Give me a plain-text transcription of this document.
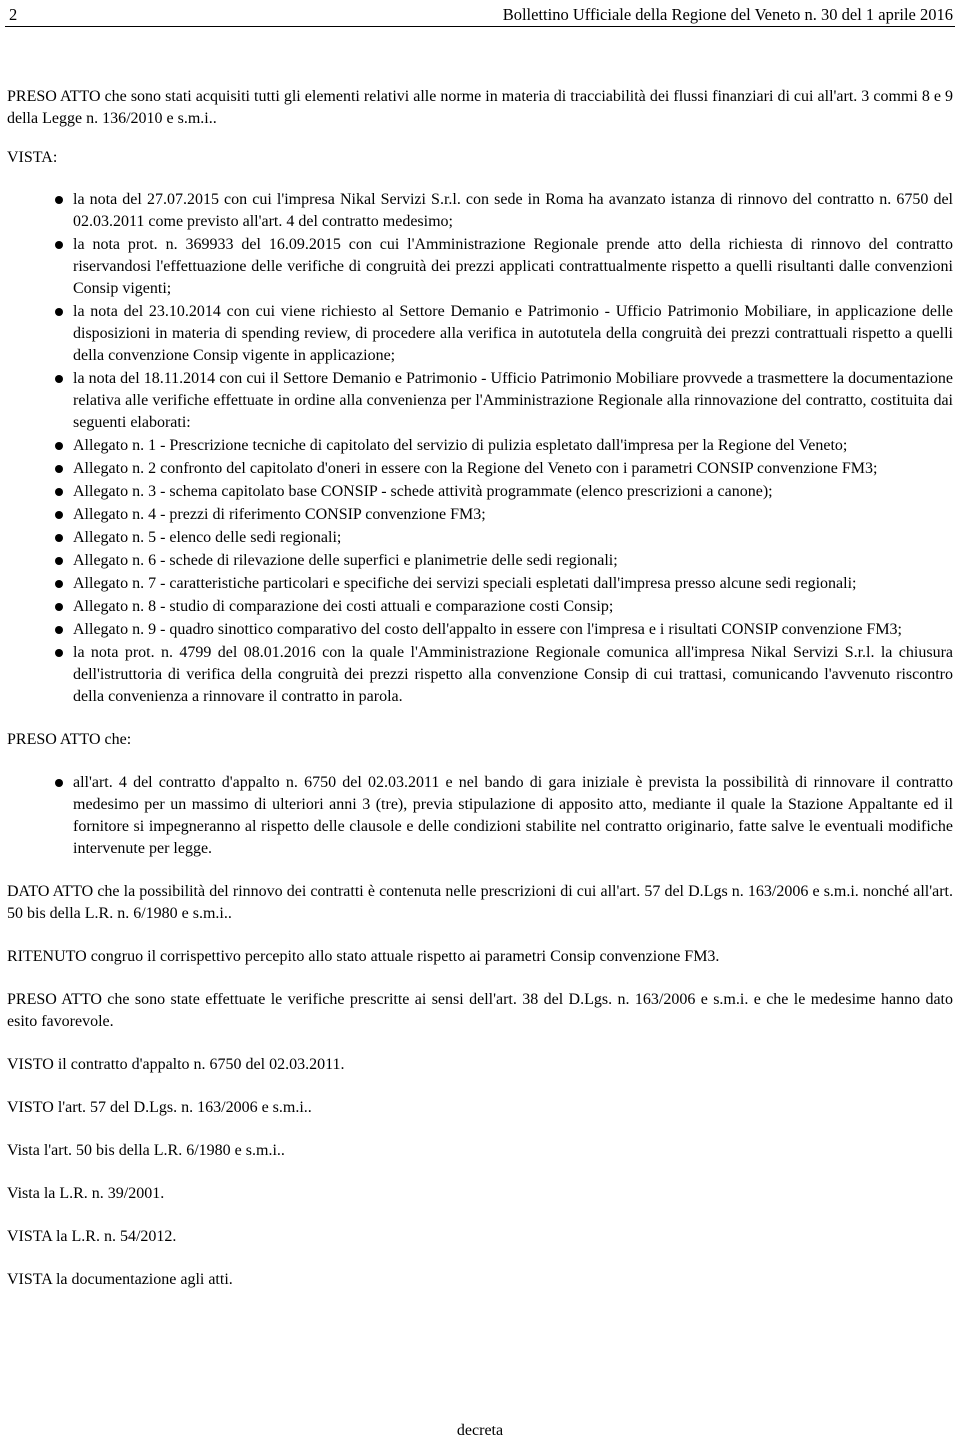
2	Bollettino Ufficiale della Regione del Veneto n. 30 del 1 aprile 2016

PRESO ATTO che sono stati acquisiti tutti gli elementi relativi alle norme in materia di tracciabilità dei flussi finanziari di cui all'art. 3 commi 8 e 9 della Legge n. 136/2010 e s.m.i..

VISTA:

la nota del 27.07.2015 con cui l'impresa Nikal Servizi S.r.l. con sede in Roma ha avanzato istanza di rinnovo del contratto n. 6750 del 02.03.2011 come previsto all'art. 4 del contratto medesimo;
la nota prot. n. 369933 del 16.09.2015 con cui l'Amministrazione Regionale prende atto della richiesta di rinnovo del contratto riservandosi l'effettuazione delle verifiche di congruità dei prezzi applicati contrattualmente rispetto a quelli risultanti dalle convenzioni Consip vigenti;
la nota del 23.10.2014 con cui viene richiesto al Settore Demanio e Patrimonio - Ufficio Patrimonio Mobiliare, in applicazione delle disposizioni in materia di spending review, di procedere alla verifica in autotutela della congruità dei prezzi contrattuali rispetto a quelli della convenzione Consip vigente in applicazione;
la nota del 18.11.2014 con cui il Settore Demanio e Patrimonio - Ufficio Patrimonio Mobiliare provvede a trasmettere la documentazione relativa alle verifiche effettuate in ordine alla convenienza per l'Amministrazione Regionale alla rinnovazione del contratto, costituita dai seguenti elaborati:
Allegato n. 1 - Prescrizione tecniche di capitolato del servizio di pulizia espletato dall'impresa per la Regione del Veneto;
Allegato n. 2 confronto del capitolato d'oneri in essere con la Regione del Veneto con i parametri CONSIP convenzione FM3;
Allegato n. 3 - schema capitolato base CONSIP - schede attività programmate (elenco prescrizioni a canone);
Allegato n. 4 - prezzi di riferimento CONSIP convenzione FM3;
Allegato n. 5 - elenco delle sedi regionali;
Allegato n. 6 - schede di rilevazione delle superfici e planimetrie delle sedi regionali;
Allegato n. 7 - caratteristiche particolari e specifiche dei servizi speciali espletati dall'impresa presso alcune sedi regionali;
Allegato n. 8 - studio di comparazione dei costi attuali e comparazione costi Consip;
Allegato n. 9 - quadro sinottico comparativo del costo dell'appalto in essere con l'impresa e i risultati CONSIP convenzione FM3;
la nota prot. n. 4799 del 08.01.2016 con la quale l'Amministrazione Regionale comunica all'impresa Nikal Servizi S.r.l. la chiusura dell'istruttoria di verifica della congruità dei prezzi rispetto alla convenzione Consip di cui trattasi, comunicando l'avvenuto riscontro della convenienza a rinnovare il contratto in parola.

PRESO ATTO che:

all'art. 4 del contratto d'appalto n. 6750 del 02.03.2011 e nel bando di gara iniziale è prevista la possibilità di rinnovare il contratto medesimo per un massimo di ulteriori anni 3 (tre), previa stipulazione di apposito atto, mediante il quale la Stazione Appaltante ed il fornitore si impegneranno al rispetto delle clausole e delle condizioni stabilite nel contratto originario, fatte salve le eventuali modifiche intervenute per legge.

DATO ATTO che la possibilità del rinnovo dei contratti è contenuta nelle prescrizioni di cui all'art. 57 del D.Lgs n. 163/2006 e s.m.i. nonché all'art. 50 bis della L.R. n. 6/1980 e s.m.i..

RITENUTO congruo il corrispettivo percepito allo stato attuale rispetto ai parametri Consip convenzione FM3.

PRESO ATTO che sono state effettuate le verifiche prescritte ai sensi dell'art. 38 del D.Lgs. n. 163/2006 e s.m.i. e che le medesime hanno dato esito favorevole.

VISTO il contratto d'appalto n. 6750 del 02.03.2011.

VISTO l'art. 57 del D.Lgs. n. 163/2006 e s.m.i..

Vista l'art. 50 bis della L.R. 6/1980 e s.m.i..

Vista la L.R. n. 39/2001.

VISTA la L.R. n. 54/2012.

VISTA la documentazione agli atti.

decreta
